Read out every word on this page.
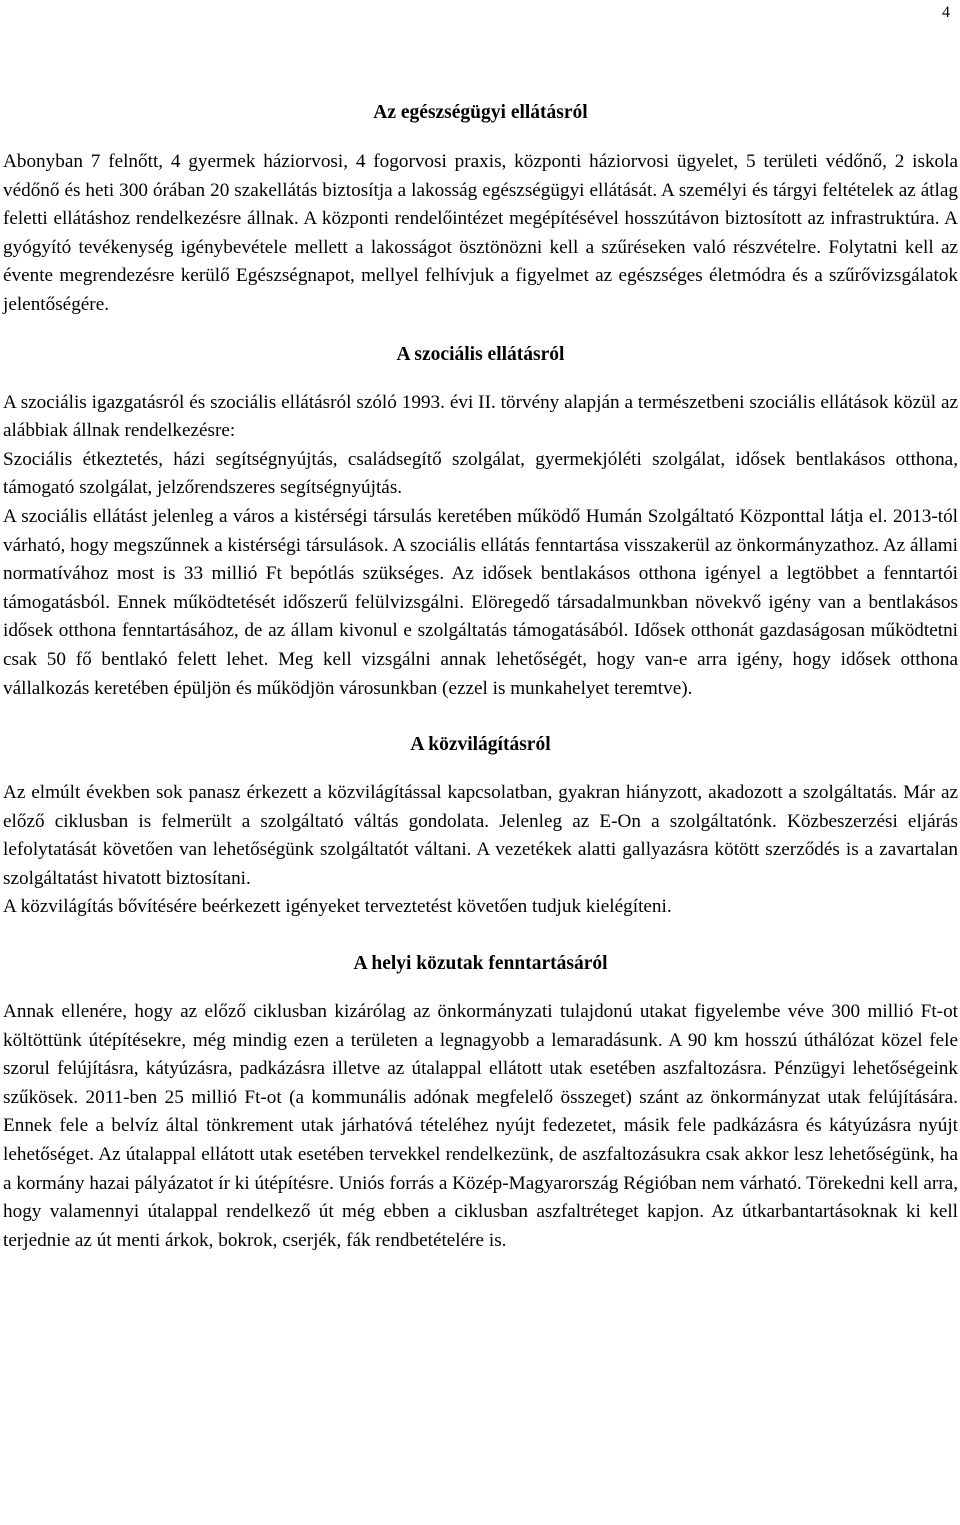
4
Az egészségügyi ellátásról

Abonyban 7 felnőtt, 4 gyermek háziorvosi, 4 fogorvosi praxis, központi háziorvosi ügyelet, 5 területi védőnő, 2 iskola védőnő és heti 300 órában 20 szakellátás biztosítja a lakosság egészségügyi ellátását. A személyi és tárgyi feltételek az átlag feletti ellátáshoz rendelkezésre állnak. A központi rendelőintézet megépítésével hosszútávon biztosított az infrastruktúra. A gyógyító tevékenység igénybevétele mellett a lakosságot ösztönözni kell a szűréseken való részvételre. Folytatni kell az évente megrendezésre kerülő Egészségnapot, mellyel felhívjuk a figyelmet az egészséges életmódra és a szűrővizsgálatok jelentőségére.

A szociális ellátásról

A szociális igazgatásról és szociális ellátásról szóló 1993. évi II. törvény alapján a természetbeni szociális ellátások közül az alábbiak állnak rendelkezésre:

Szociális étkeztetés, házi segítségnyújtás, családsegítő szolgálat, gyermekjóléti szolgálat, idősek bentlakásos otthona, támogató szolgálat, jelzőrendszeres segítségnyújtás.

A szociális ellátást jelenleg a város a kistérségi társulás keretében működő Humán Szolgáltató Központtal látja el. 2013-tól várható, hogy megszűnnek a kistérségi társulások. A szociális ellátás fenntartása visszakerül az önkormányzathoz. Az állami normatívához most is 33 millió Ft bepótlás szükséges. Az idősek bentlakásos otthona igényel a legtöbbet a fenntartói támogatásból. Ennek működtetését időszerű felülvizsgálni. Elöregedő társadalmunkban növekvő igény van a bentlakásos idősek otthona fenntartásához, de az állam kivonul e szolgáltatás támogatásából. Idősek otthonát gazdaságosan működtetni csak 50 fő bentlakó felett lehet. Meg kell vizsgálni annak lehetőségét, hogy van-e arra igény, hogy idősek otthona vállalkozás keretében épüljön és működjön városunkban (ezzel is munkahelyet teremtve).

A közvilágításról

Az elmúlt években sok panasz érkezett a közvilágítással kapcsolatban, gyakran hiányzott, akadozott a szolgáltatás. Már az előző ciklusban is felmerült a szolgáltató váltás gondolata. Jelenleg az E-On a szolgáltatónk. Közbeszerzési eljárás lefolytatását követően van lehetőségünk szolgáltatót váltani. A vezetékek alatti gallyazásra kötött szerződés is a zavartalan szolgáltatást hivatott biztosítani.

A közvilágítás bővítésére beérkezett igényeket terveztetést követően tudjuk kielégíteni.

A helyi közutak fenntartásáról

Annak ellenére, hogy az előző ciklusban kizárólag az önkormányzati tulajdonú utakat figyelembe véve 300 millió Ft-ot költöttünk útépítésekre, még mindig ezen a területen a legnagyobb a lemaradásunk. A 90 km hosszú úthálózat közel fele szorul felújításra, kátyúzásra, padkázásra illetve az útalappal ellátott utak esetében aszfaltozásra. Pénzügyi lehetőségeink szűkösek. 2011-ben 25 millió Ft-ot (a kommunális adónak megfelelő összeget) szánt az önkormányzat utak felújítására. Ennek fele a belvíz által tönkrement utak járhatóvá tételéhez nyújt fedezetet, másik fele padkázásra és kátyúzásra nyújt lehetőséget. Az útalappal ellátott utak esetében tervekkel rendelkezünk, de aszfaltozásukra csak akkor lesz lehetőségünk, ha a kormány hazai pályázatot ír ki útépítésre. Uniós forrás a Közép-Magyarország Régióban nem várható. Törekedni kell arra, hogy valamennyi útalappal rendelkező út még ebben a ciklusban aszfaltréteget kapjon. Az útkarbantartásoknak ki kell terjednie az út menti árkok, bokrok, cserjék, fák rendbetételére is.
